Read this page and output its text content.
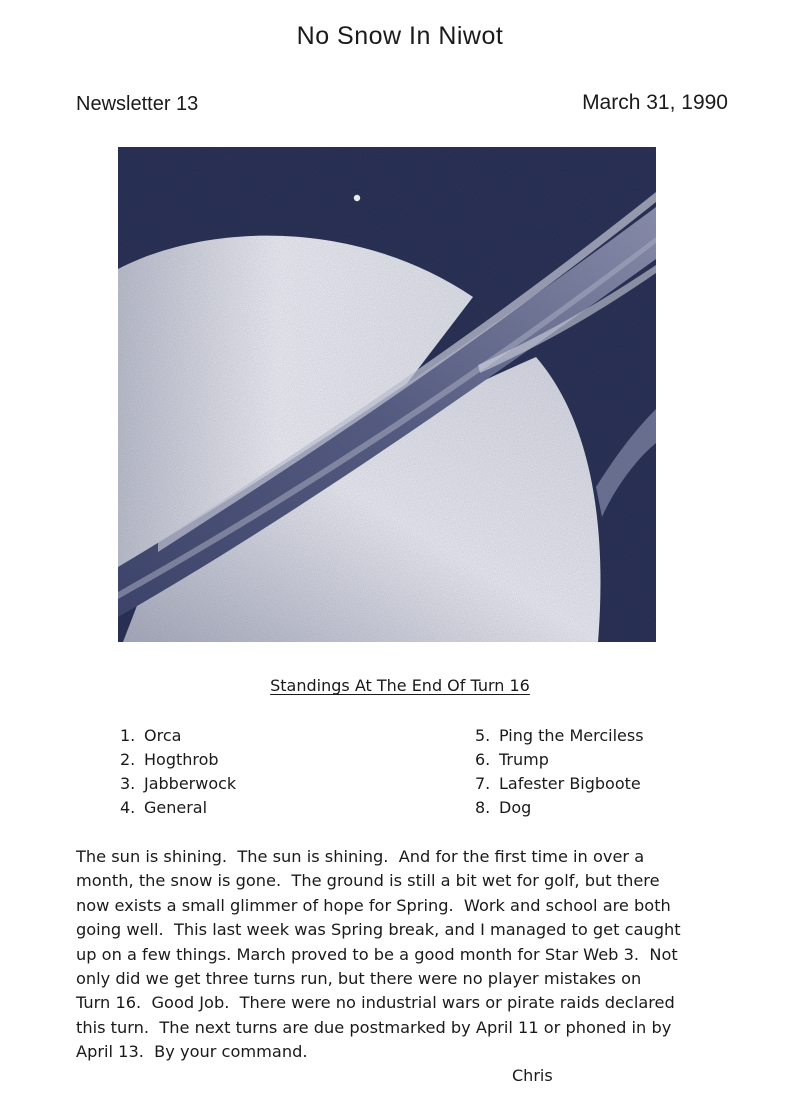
No Snow In Niwot
Newsletter 13	March 31, 1990
Standings At The End Of Turn 16
1. Orca
2. Hogthrob
3. Jabberwock
4. General
5. Ping the Merciless
6. Trump
7. Lafester Bigboote
8. Dog
The sun is shining.  The sun is shining.  And for the first time in over a
month, the snow is gone.  The ground is still a bit wet for golf, but there
now exists a small glimmer of hope for Spring.  Work and school are both
going well.  This last week was Spring break, and I managed to get caught
up on a few things. March proved to be a good month for Star Web 3.  Not
only did we get three turns run, but there were no player mistakes on
Turn 16.  Good Job.  There were no industrial wars or pirate raids declared
this turn.  The next turns are due postmarked by April 11 or phoned in by
April 13.  By your command.
Chris
